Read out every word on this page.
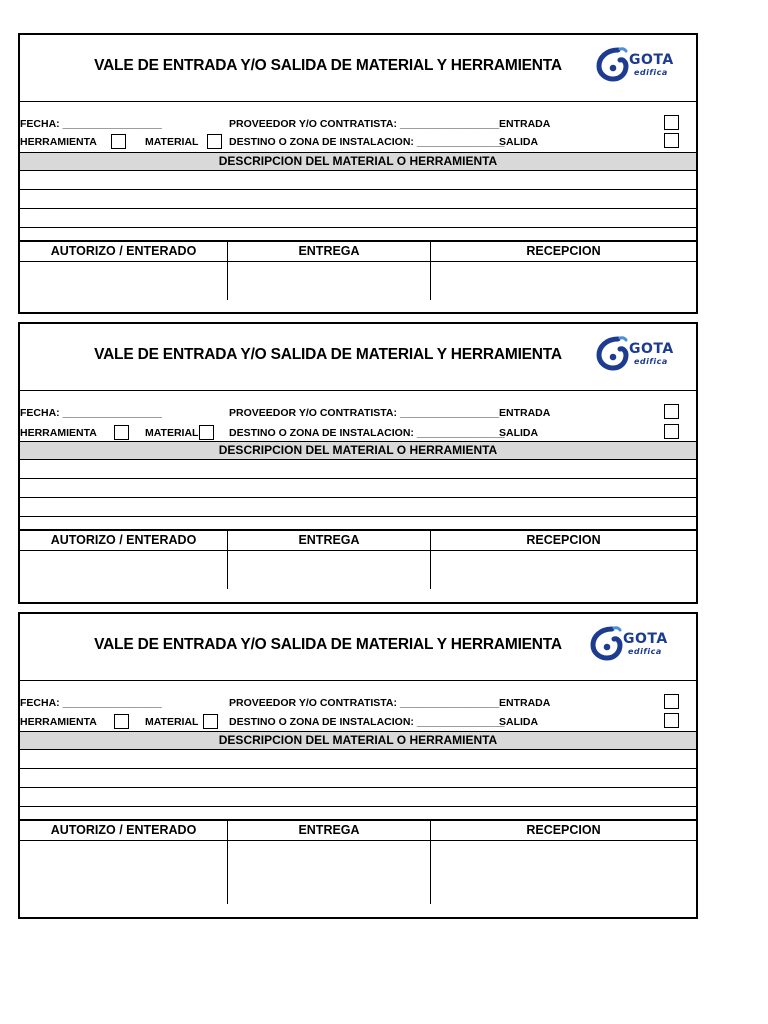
VALE DE ENTRADA Y/O SALIDA DE MATERIAL Y HERRAMIENTA	GOTA
edifica
FECHA: _________________	PROVEEDOR Y/O CONTRATISTA: _________________ ENTRADA
HERRAMIENTA	MATERIAL	DESTINO O ZONA DE INSTALACION: _______________
SALIDA
DESCRIPCION DEL MATERIAL O HERRAMIENTA
AUTORIZO / ENTERADO	ENTREGA	RECEPCION
VALE DE ENTRADA Y/O SALIDA DE MATERIAL Y HERRAMIENTA	GOTA
edifica
FECHA: _________________	PROVEEDOR Y/O CONTRATISTA: _________________ ENTRADA
HERRAMIENTA	MATERIAL	DESTINO O ZONA DE INSTALACION: _______________
SALIDA
DESCRIPCION DEL MATERIAL O HERRAMIENTA
AUTORIZO / ENTERADO	ENTREGA	RECEPCION
VALE DE ENTRADA Y/O SALIDA DE MATERIAL Y HERRAMIENTA	GOTA
edifica
FECHA: _________________	PROVEEDOR Y/O CONTRATISTA: _________________ ENTRADA
HERRAMIENTA	MATERIAL	DESTINO O ZONA DE INSTALACION: _______________
SALIDA
DESCRIPCION DEL MATERIAL O HERRAMIENTA
AUTORIZO / ENTERADO	ENTREGA	RECEPCION
